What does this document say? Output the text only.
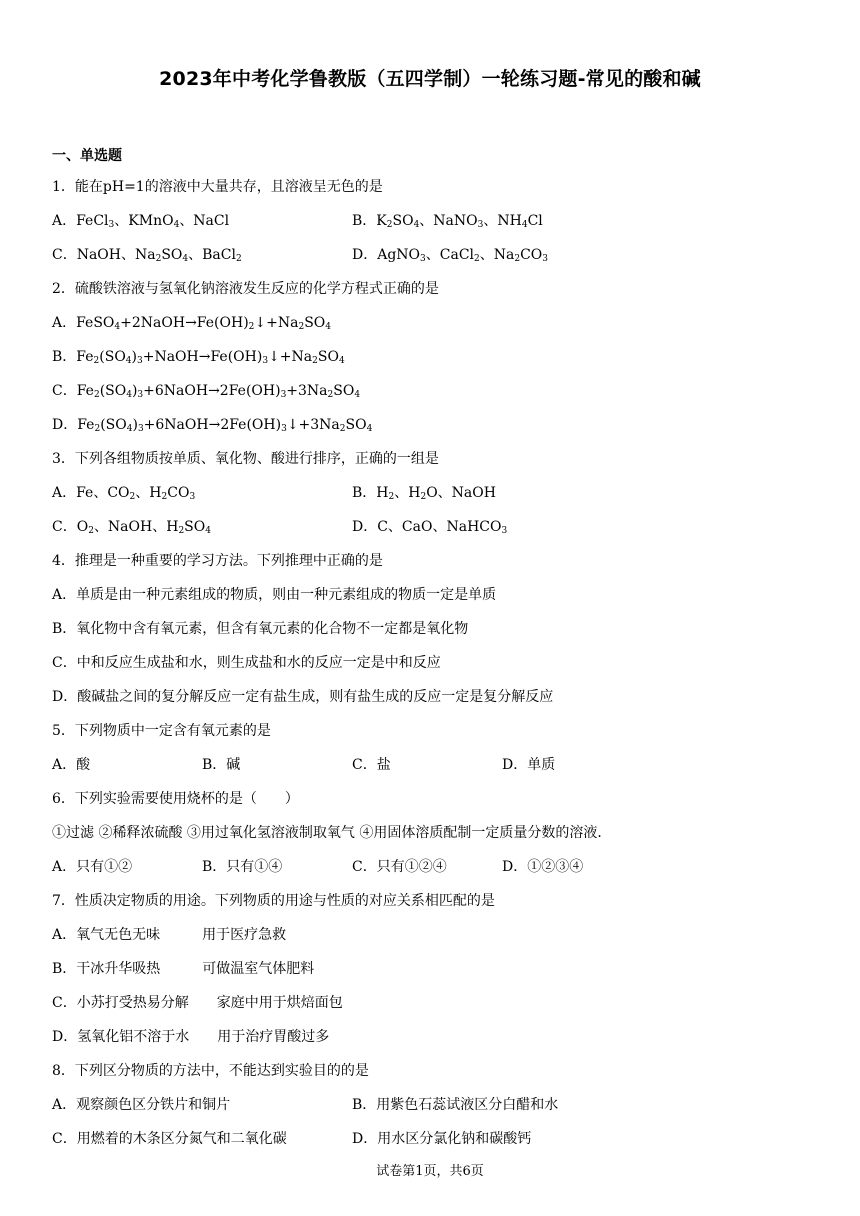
2023年中考化学鲁教版（五四学制）一轮练习题-常见的酸和碱
一、单选题
1．能在pH=1的溶液中大量共存，且溶液呈无色的是
A．FeCl$_3$、KMnO$_4$、NaCl	B．$K_2SO_4$、NaNO$_3$、$NH_4Cl$
C．NaOH、$Na_2SO_4$、BaCl$_2$	D．AgNO$_3$、CaCl$_2$、$Na_2CO_3$
2．硫酸铁溶液与氢氧化钠溶液发生反应的化学方程式正确的是
A．$FeSO_4+2NaOH\to Fe(OH)_2↓+Na_2SO_4$
B．$Fe_2(SO_4)_3+NaOH\to Fe(OH)_3↓+Na_2SO_4$
C．$Fe_2(SO_4)_3+6NaOH\to 2Fe(OH)_3+3Na_2SO_4$
D．$Fe_2(SO_4)_3+6NaOH\to 2Fe(OH)_3↓+3Na_2SO_4$
3．下列各组物质按单质、氧化物、酸进行排序，正确的一组是
A．Fe、$CO_2$、$H_2CO_3$	B．$H_2$、$H_2O$、NaOH
C．$O_2$、NaOH、$H_2SO_4$	D．C、CaO、NaHCO$_3$
4．推理是一种重要的学习方法。下列推理中正确的是
A．单质是由一种元素组成的物质，则由一种元素组成的物质一定是单质
B．氧化物中含有氧元素，但含有氧元素的化合物不一定都是氧化物
C．中和反应生成盐和水，则生成盐和水的反应一定是中和反应
D．酸碱盐之间的复分解反应一定有盐生成，则有盐生成的反应一定是复分解反应
5．下列物质中一定含有氧元素的是
A．酸	B．碱	C．盐	D．单质
6．下列实验需要使用烧杯的是（　　）
①过滤 ②稀释浓硫酸 ③用过氧化氢溶液制取氧气 ④用固体溶质配制一定质量分数的溶液．
A．只有①②	B．只有①④	C．只有①②④	D．①②③④
7．性质决定物质的用途。下列物质的用途与性质的对应关系相匹配的是
A．氧气无色无味　　　用于医疗急救
B．干冰升华吸热　　　可做温室气体肥料
C．小苏打受热易分解　　家庭中用于烘焙面包
D．氢氧化铝不溶于水　　用于治疗胃酸过多
8．下列区分物质的方法中，不能达到实验目的的是
A．观察颜色区分铁片和铜片	B．用紫色石蕊试液区分白醋和水
C．用燃着的木条区分氮气和二氧化碳	D．用水区分氯化钠和碳酸钙
试卷第1页，共6页
